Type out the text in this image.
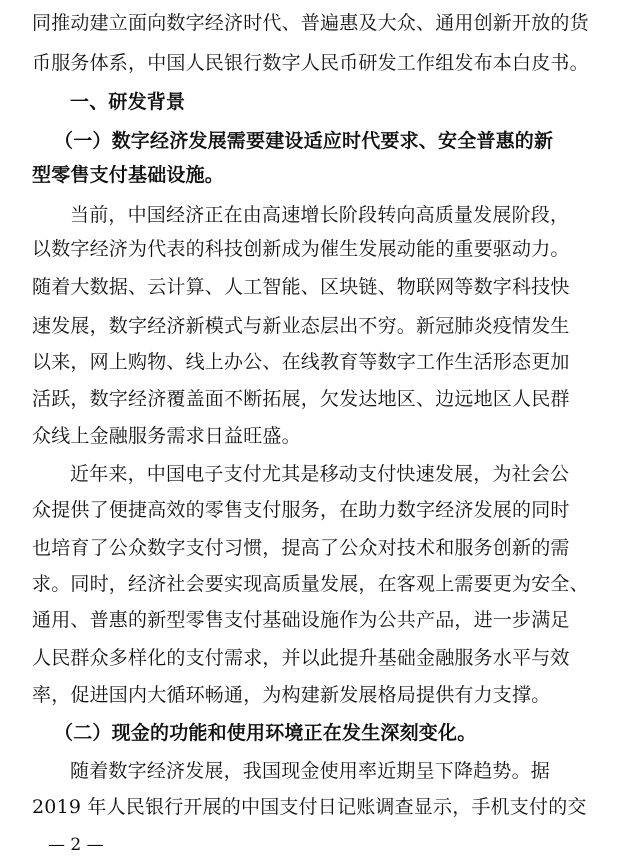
同推动建立面向数字经济时代、普遍惠及大众、通用创新开放的货
币服务体系，中国人民银行数字人民币研发工作组发布本白皮书。
一、研发背景
（一）数字经济发展需要建设适应时代要求、安全普惠的新
型零售支付基础设施。
当前，中国经济正在由高速增长阶段转向高质量发展阶段，
以数字经济为代表的科技创新成为催生发展动能的重要驱动力。
随着大数据、云计算、人工智能、区块链、物联网等数字科技快
速发展，数字经济新模式与新业态层出不穷。新冠肺炎疫情发生
以来，网上购物、线上办公、在线教育等数字工作生活形态更加
活跃，数字经济覆盖面不断拓展，欠发达地区、边远地区人民群
众线上金融服务需求日益旺盛。
近年来，中国电子支付尤其是移动支付快速发展，为社会公
众提供了便捷高效的零售支付服务，在助力数字经济发展的同时
也培育了公众数字支付习惯，提高了公众对技术和服务创新的需
求。同时，经济社会要实现高质量发展，在客观上需要更为安全、
通用、普惠的新型零售支付基础设施作为公共产品，进一步满足
人民群众多样化的支付需求，并以此提升基础金融服务水平与效
率，促进国内大循环畅通，为构建新发展格局提供有力支撑。
（二）现金的功能和使用环境正在发生深刻变化。
随着数字经济发展，我国现金使用率近期呈下降趋势。据
2019 年人民银行开展的中国支付日记账调查显示，手机支付的交
— 2 —
